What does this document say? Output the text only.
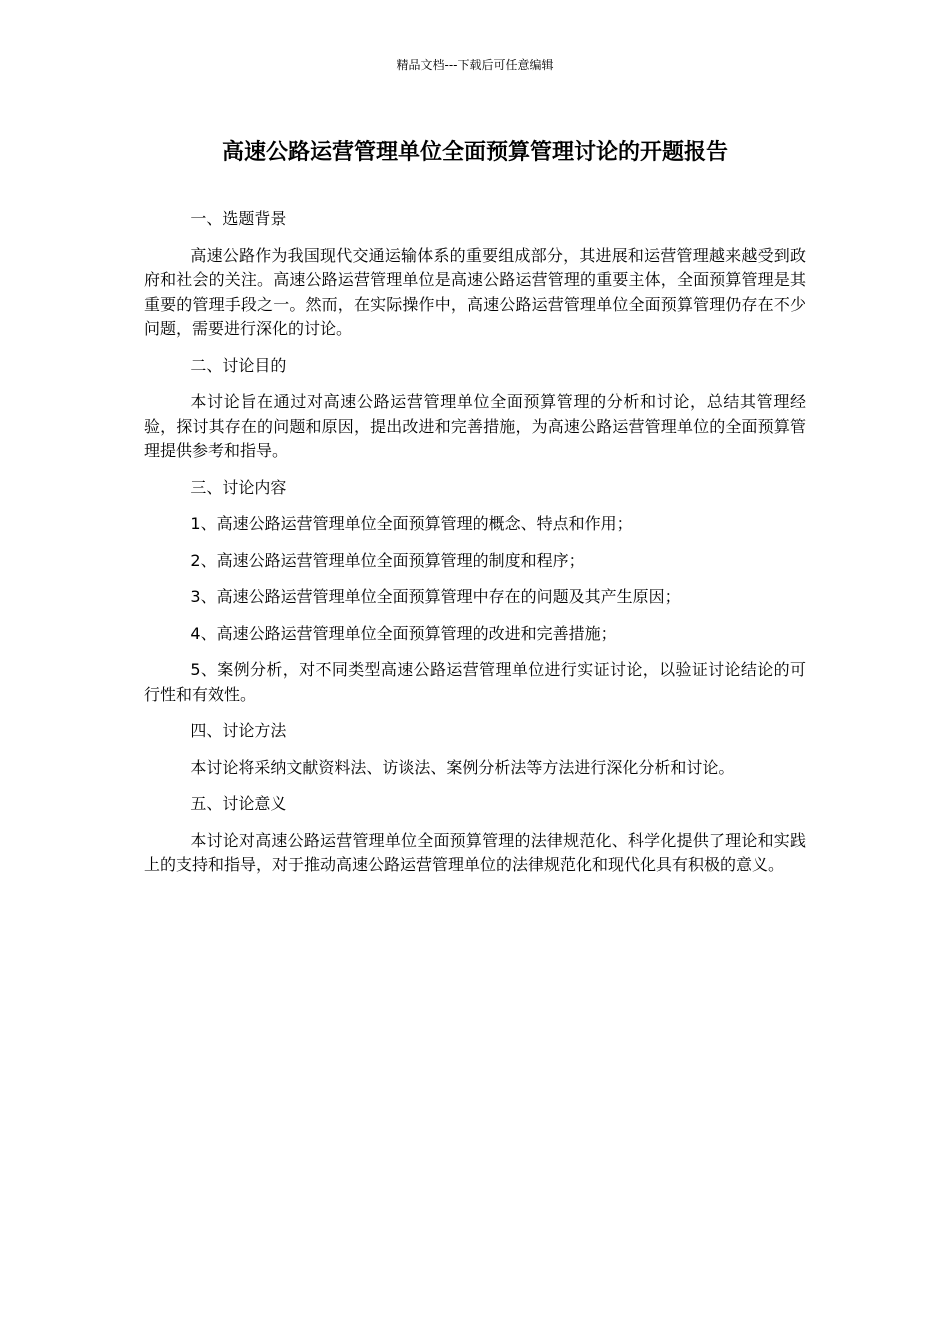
精品文档---下载后可任意编辑
高速公路运营管理单位全面预算管理讨论的开题报告

一、选题背景

高速公路作为我国现代交通运输体系的重要组成部分，其进展和运营管理越来越受到政府和社会的关注。高速公路运营管理单位是高速公路运营管理的重要主体，全面预算管理是其重要的管理手段之一。然而，在实际操作中，高速公路运营管理单位全面预算管理仍存在不少问题，需要进行深化的讨论。

二、讨论目的

本讨论旨在通过对高速公路运营管理单位全面预算管理的分析和讨论，总结其管理经验，探讨其存在的问题和原因，提出改进和完善措施，为高速公路运营管理单位的全面预算管理提供参考和指导。

三、讨论内容

1、高速公路运营管理单位全面预算管理的概念、特点和作用；

2、高速公路运营管理单位全面预算管理的制度和程序；

3、高速公路运营管理单位全面预算管理中存在的问题及其产生原因；

4、高速公路运营管理单位全面预算管理的改进和完善措施；

5、案例分析，对不同类型高速公路运营管理单位进行实证讨论，以验证讨论结论的可行性和有效性。

四、讨论方法

本讨论将采纳文献资料法、访谈法、案例分析法等方法进行深化分析和讨论。

五、讨论意义

本讨论对高速公路运营管理单位全面预算管理的法律规范化、科学化提供了理论和实践上的支持和指导，对于推动高速公路运营管理单位的法律规范化和现代化具有积极的意义。
